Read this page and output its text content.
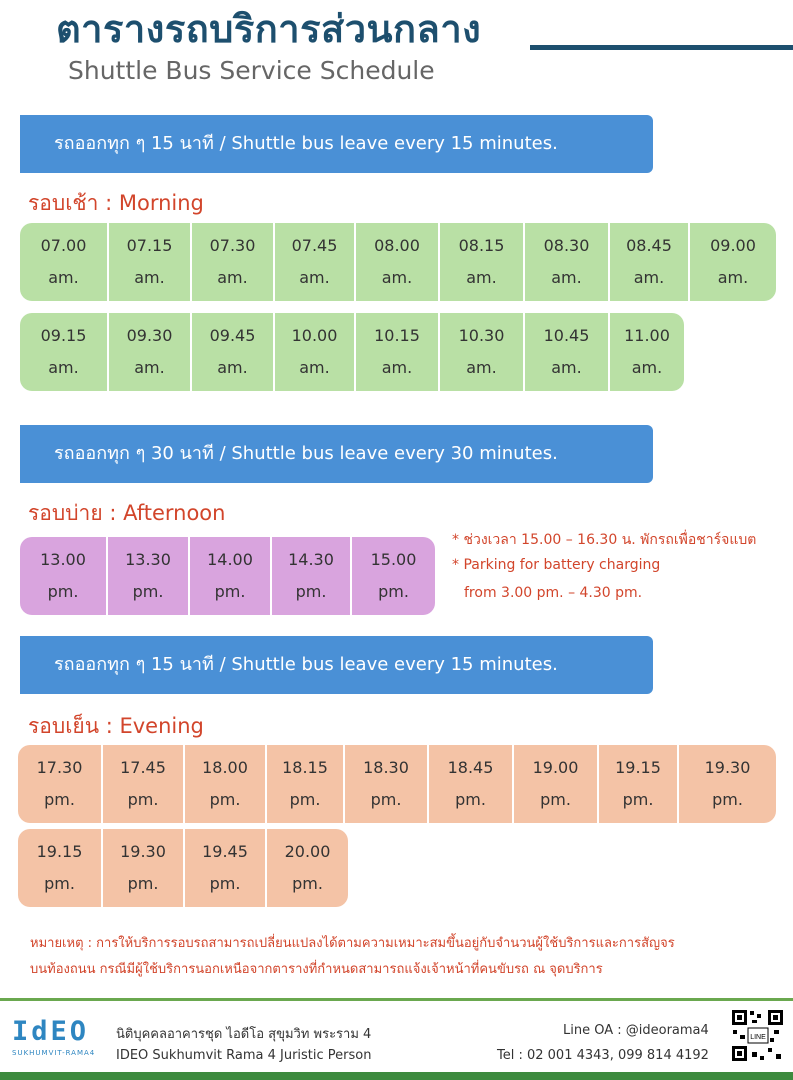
ตารางรถบริการส่วนกลาง
Shuttle Bus Service Schedule
รถออกทุก ๆ 15 นาที / Shuttle bus leave every 15 minutes.
รอบเช้า : Morning
07.00
am.
07.15
am.
07.30
am.
07.45
am.
08.00
am.
08.15
am.
08.30
am.
08.45
am.
09.00
am.
09.15
am.
09.30
am.
09.45
am.
10.00
am.
10.15
am.
10.30
am.
10.45
am.
11.00
am.
รถออกทุก ๆ 30 นาที / Shuttle bus leave every 30 minutes.
รอบบ่าย : Afternoon
13.00
pm.
13.30
pm.
14.00
pm.
14.30
pm.
15.00
pm.
* ช่วงเวลา 15.00 – 16.30 น. พักรถเพื่อชาร์จแบต
* Parking for battery charging
from 3.00 pm. – 4.30 pm.
รถออกทุก ๆ 15 นาที / Shuttle bus leave every 15 minutes.
รอบเย็น : Evening
17.30
pm.
17.45
pm.
18.00
pm.
18.15
pm.
18.30
pm.
18.45
pm.
19.00
pm.
19.15
pm.
19.30
pm.
19.15
pm.
19.30
pm.
19.45
pm.
20.00
pm.
หมายเหตุ : การให้บริการรอบรถสามารถเปลี่ยนแปลงได้ตามความเหมาะสมขึ้นอยู่กับจำนวนผู้ใช้บริการและการสัญจร
บนท้องถนน กรณีมีผู้ใช้บริการนอกเหนือจากตารางที่กำหนดสามารถแจ้งเจ้าหน้าที่คนขับรถ ณ จุดบริการ
IdEO
SUKHUMVIT-RAMA4
นิติบุคคลอาคารชุด ไอดีโอ สุขุมวิท พระราม 4
IDEO Sukhumvit Rama 4 Juristic Person
Line OA : @ideorama4
Tel : 02 001 4343, 099 814 4192
LINE
